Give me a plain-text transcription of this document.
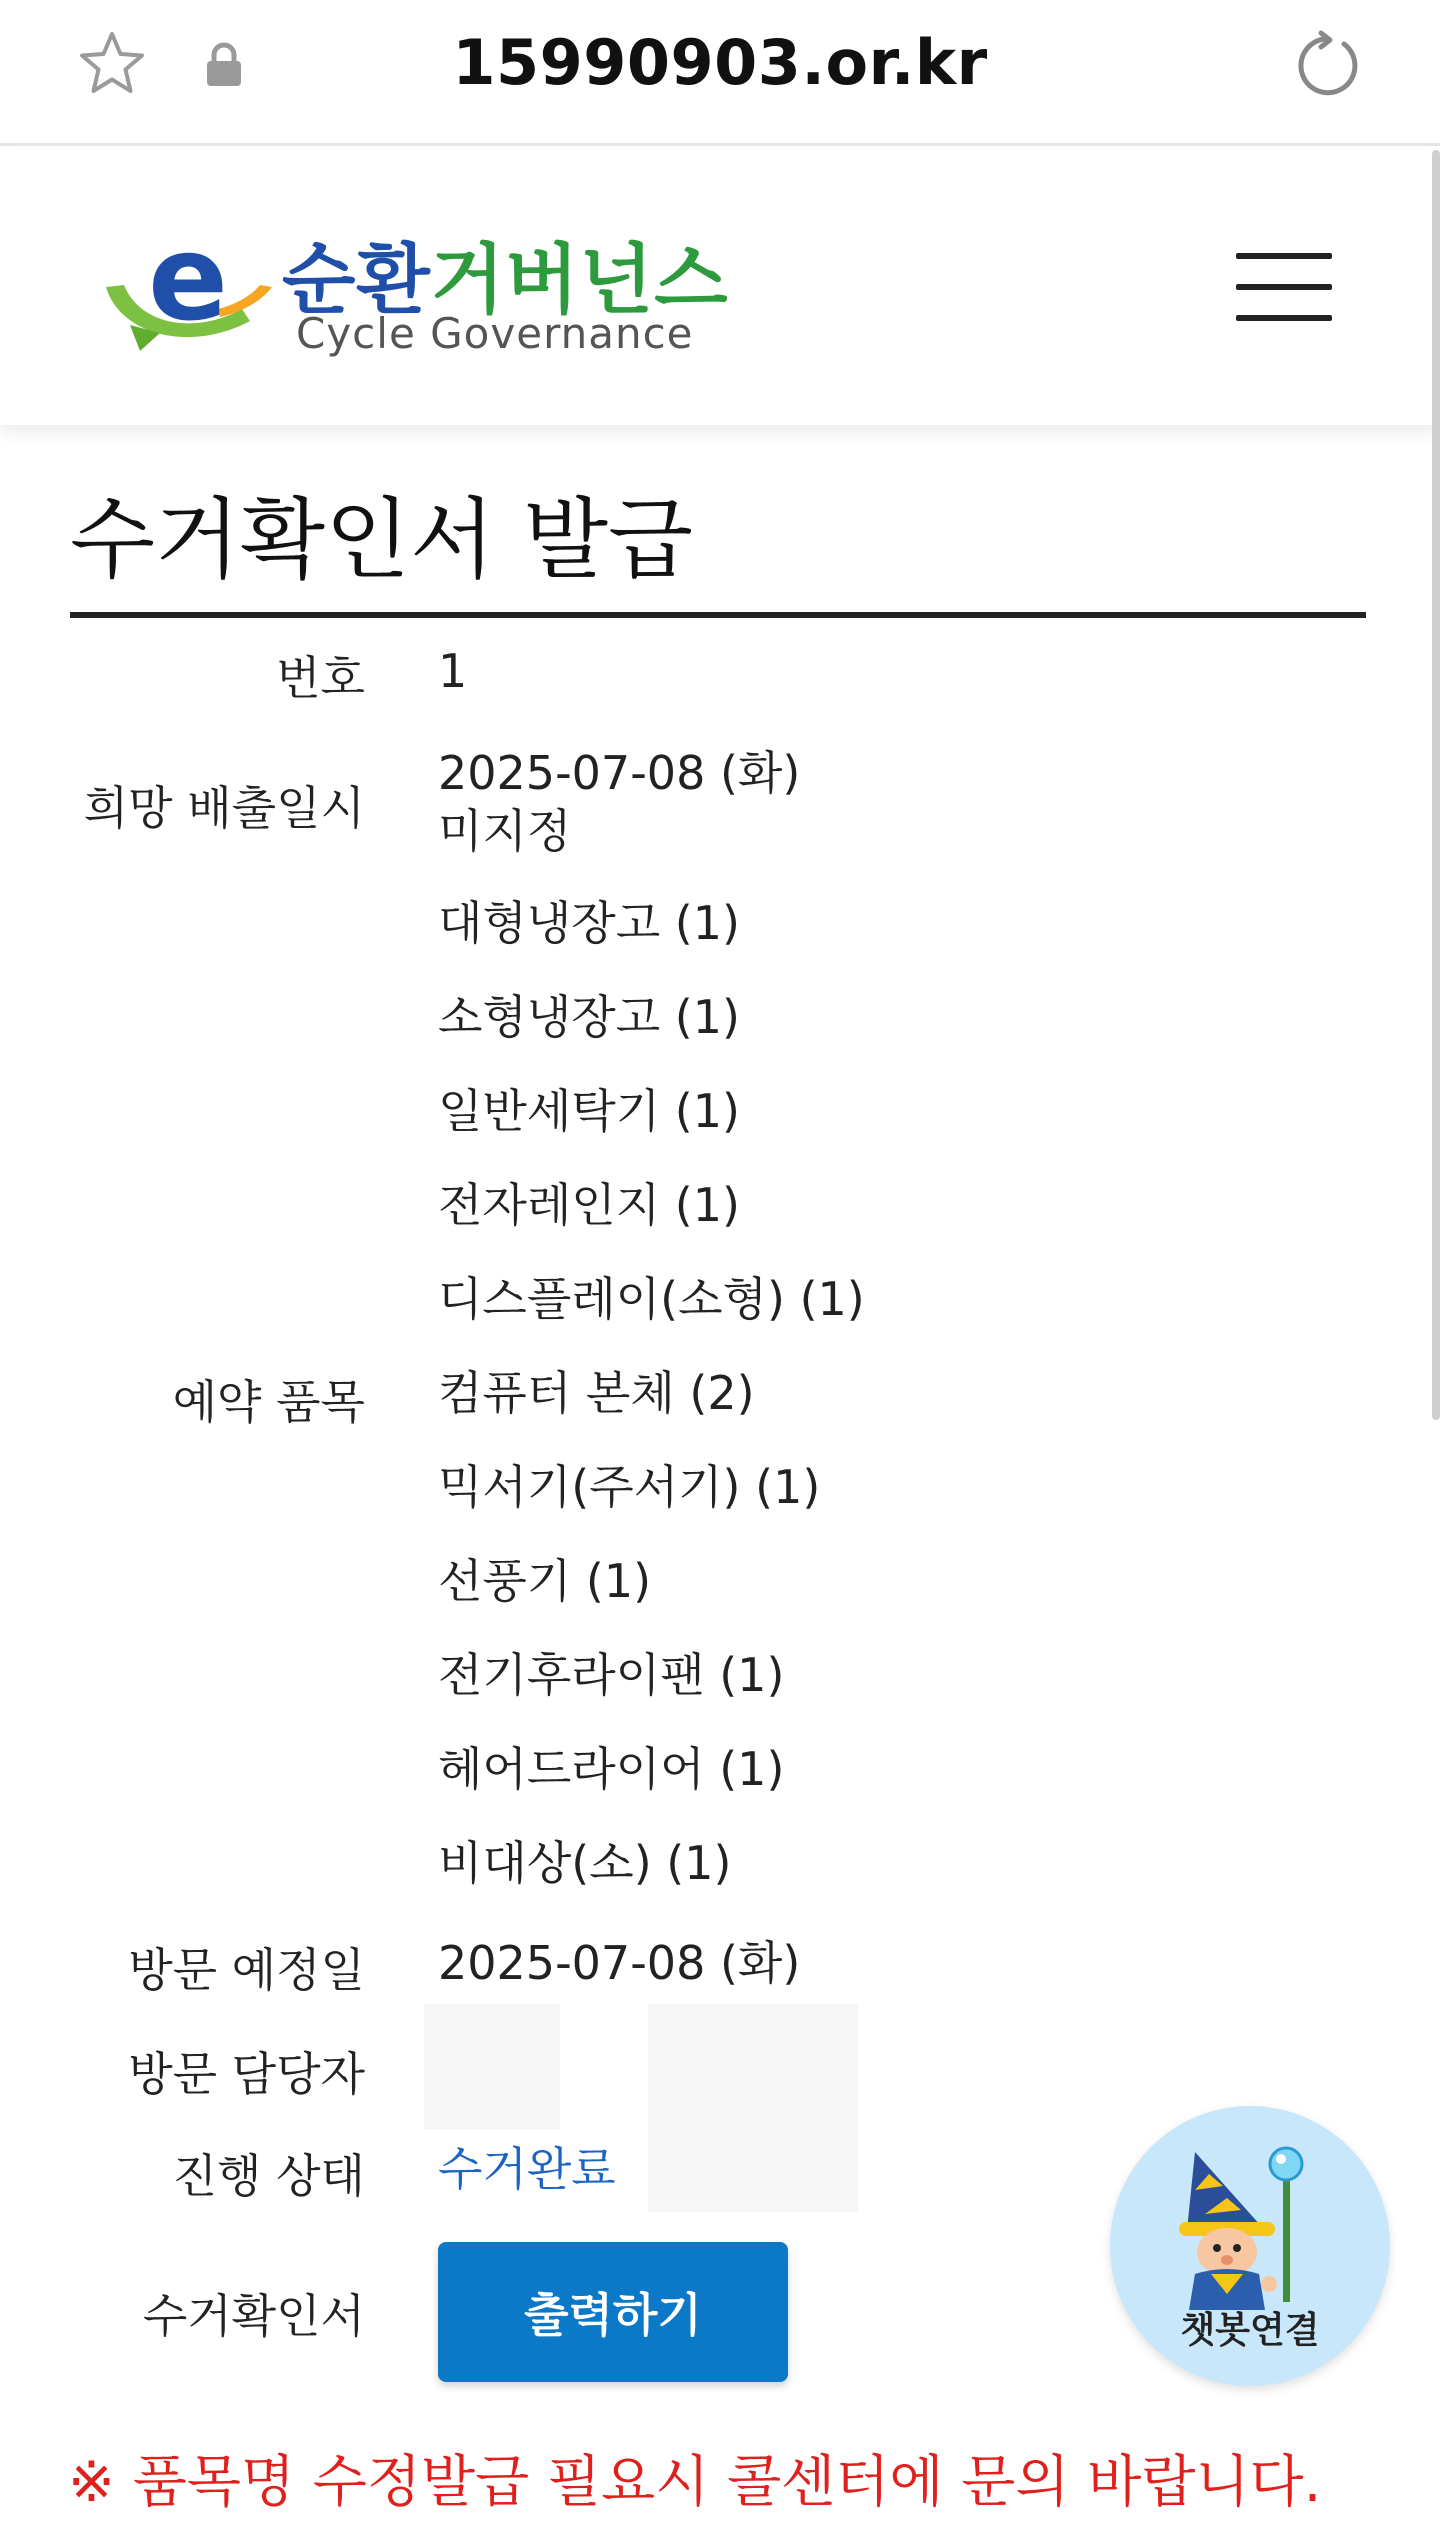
15990903.or.kr
e 순환거버넌스
Cycle Governance
수거확인서 발급
번호 1
희망 배출일시
2025-07-08 (화)
미지정
예약 품목
대형냉장고 (1)
소형냉장고 (1)
일반세탁기 (1)
전자레인지 (1)
디스플레이(소형) (1)
컴퓨터 본체 (2)
믹서기(주서기) (1)
선풍기 (1)
전기후라이팬 (1)
헤어드라이어 (1)
비대상(소) (1)
방문 예정일 2025-07-08 (화)
방문 담당자
진행 상태 수거완료
수거확인서	출력하기
※ 품목명 수정발급 필요시 콜센터에 문의 바랍니다.
챗봇연결
